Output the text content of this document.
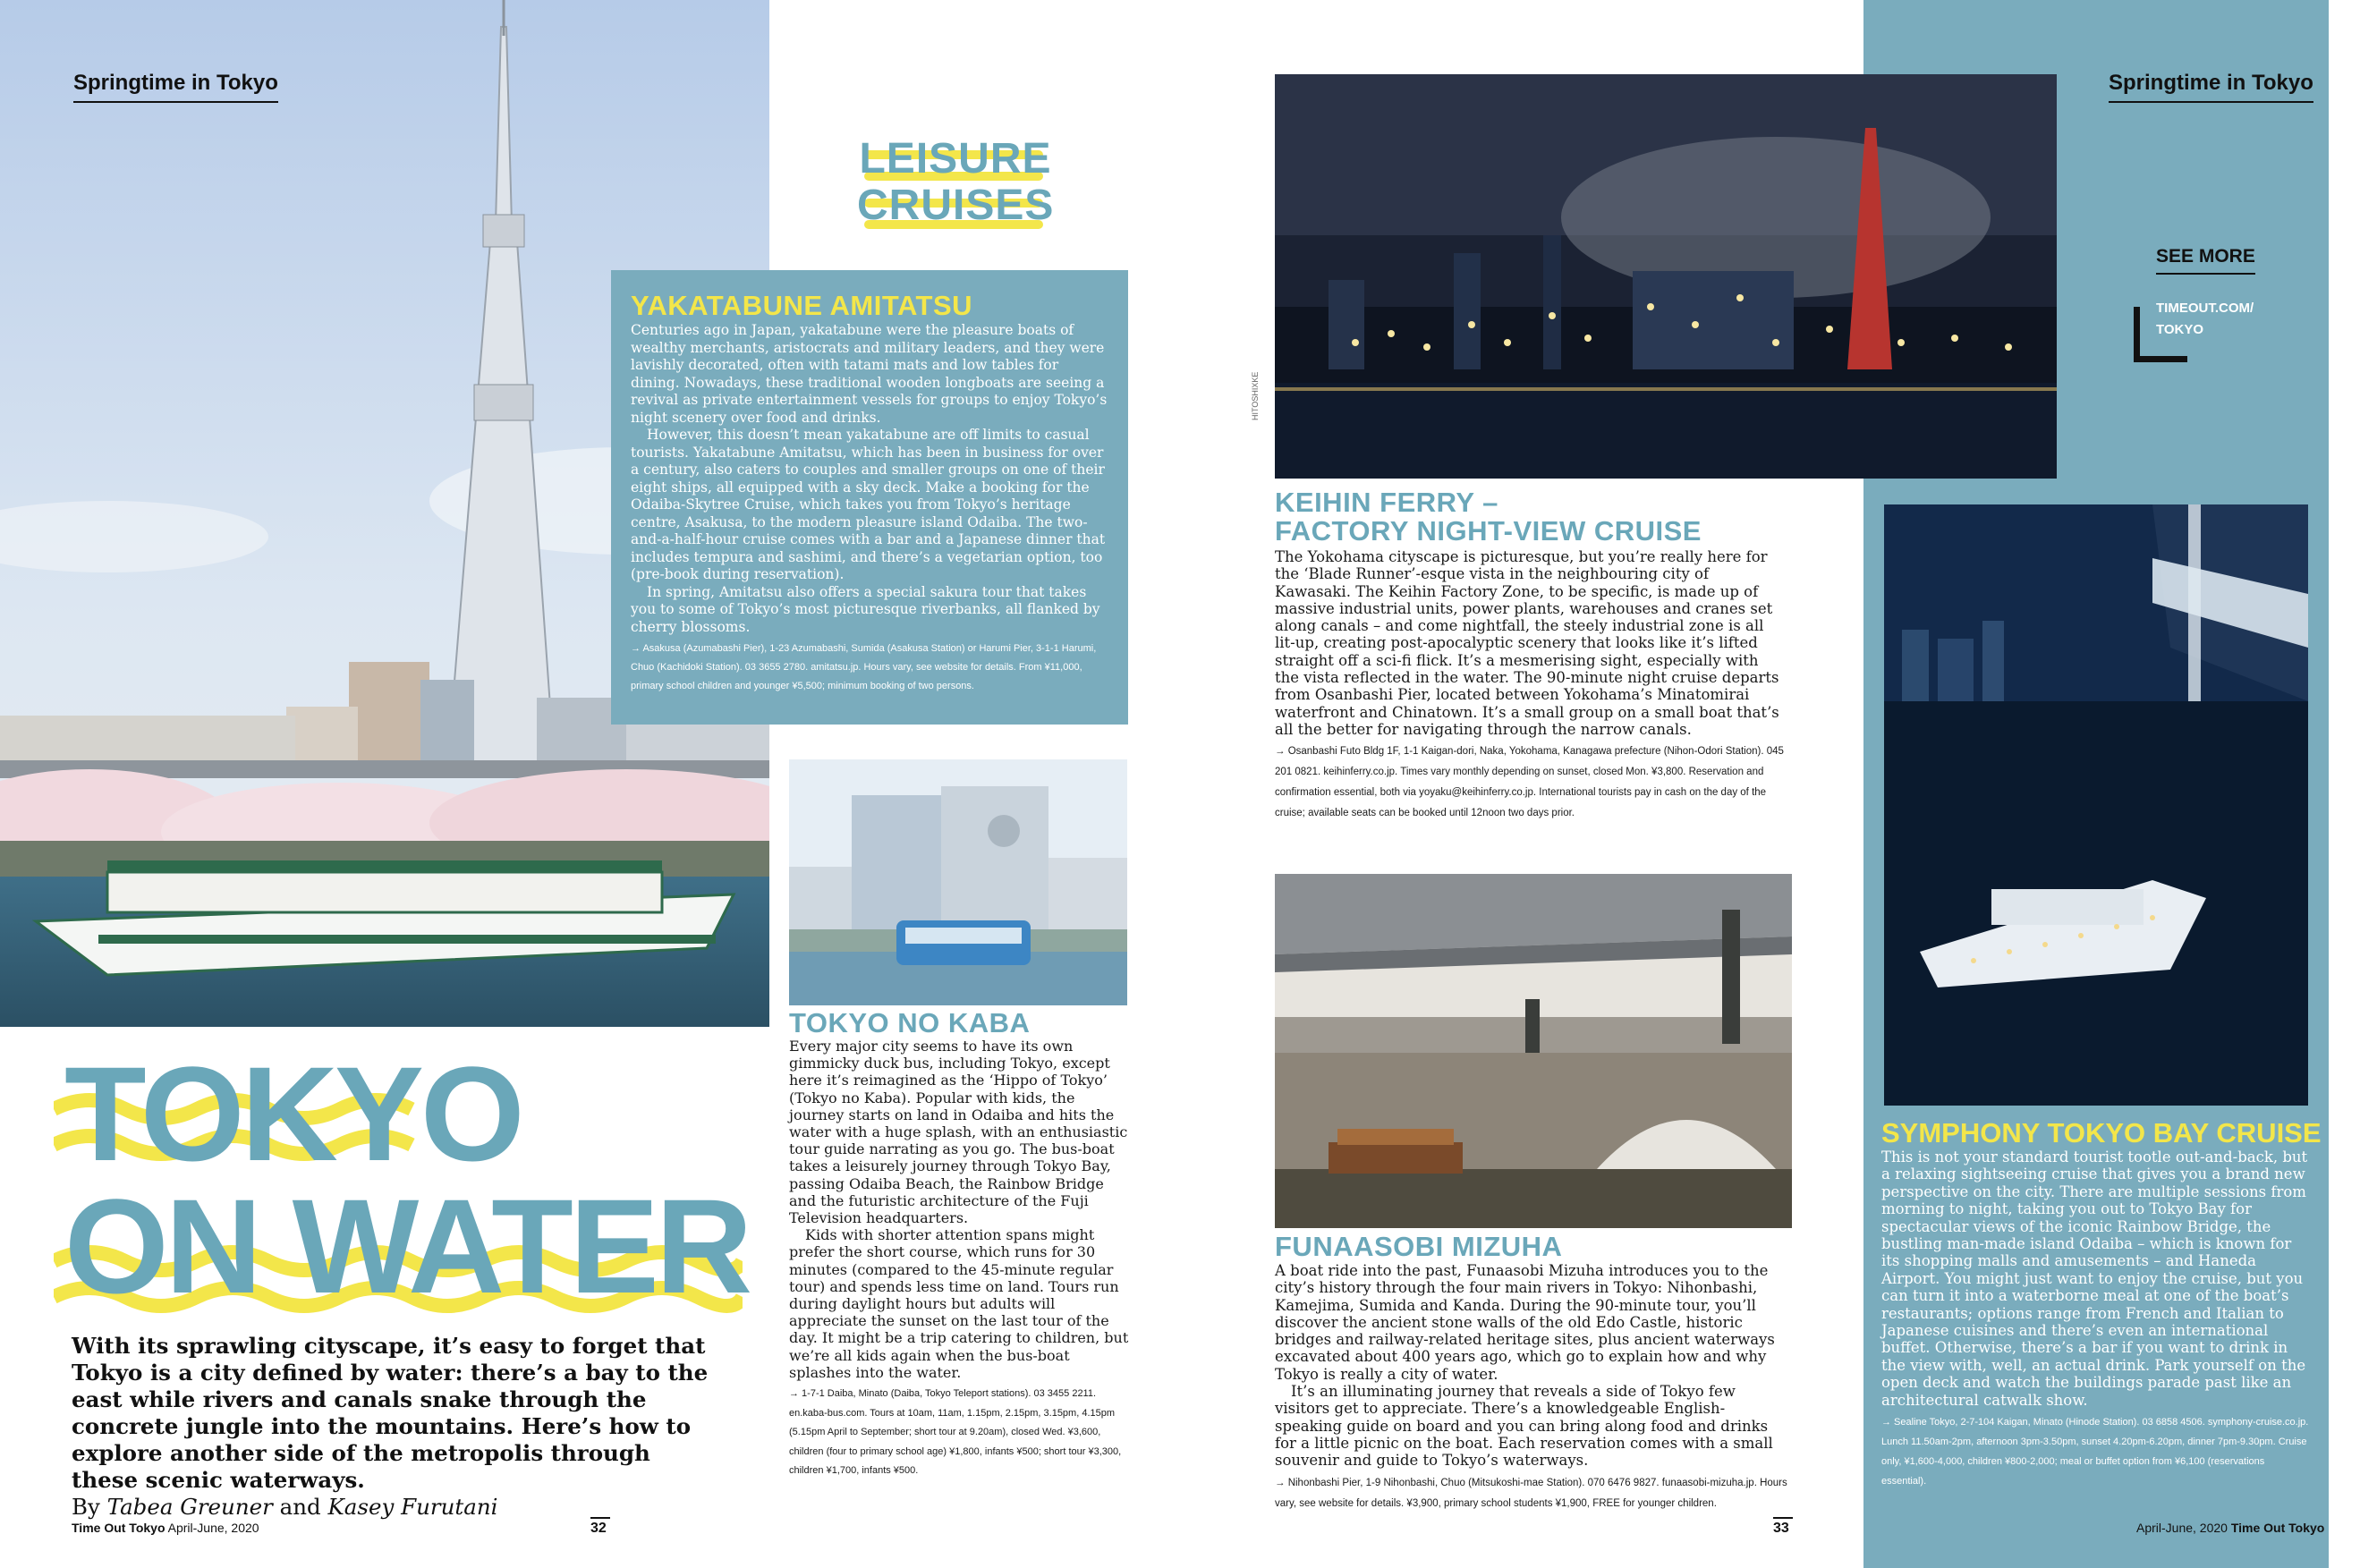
Springtime in Tokyo
LEISURE
CRUISES
YAKATABUNE AMITATSU

Centuries ago in Japan, yakatabune were the pleasure boats of wealthy merchants, aristocrats and military leaders, and they were lavishly decorated, often with tatami mats and low tables for dining. Nowadays, these traditional wooden longboats are seeing a revival as private entertainment vessels for groups to enjoy Tokyo’s night scenery over food and drinks.

However, this doesn’t mean yakatabune are off limits to casual tourists. Yakatabune Amitatsu, which has been in business for over a century, also caters to couples and smaller groups on one of their eight ships, all equipped with a sky deck. Make a booking for the Odaiba-Skytree Cruise, which takes you from Tokyo’s heritage centre, Asakusa, to the modern pleasure island Odaiba. The two-and-a-half-hour cruise comes with a bar and a Japanese dinner that includes tempura and sashimi, and there’s a vegetarian option, too (pre-book during reservation).

In spring, Amitatsu also offers a special sakura tour that takes you to some of Tokyo’s most picturesque riverbanks, all flanked by cherry blossoms.

→ Asakusa (Azumabashi Pier), 1-23 Azumabashi, Sumida (Asakusa Station) or Harumi Pier, 3-1-1 Harumi, Chuo (Kachidoki Station). 03 3655 2780. amitatsu.jp. Hours vary, see website for details. From ¥11,000, primary school children and younger ¥5,500; minimum booking of two persons.
TOKYO NO KABA

Every major city seems to have its own gimmicky duck bus, including Tokyo, except here it’s reimagined as the ‘Hippo of Tokyo’ (Tokyo no Kaba). Popular with kids, the journey starts on land in Odaiba and hits the water with a huge splash, with an enthusiastic tour guide narrating as you go. The bus-boat takes a leisurely journey through Tokyo Bay, passing Odaiba Beach, the Rainbow Bridge and the futuristic architecture of the Fuji Television headquarters.

Kids with shorter attention spans might prefer the short course, which runs for 30 minutes (compared to the 45-minute regular tour) and spends less time on land. Tours run during daylight hours but adults will appreciate the sunset on the last tour of the day. It might be a trip catering to children, but we’re all kids again when the bus-boat splashes into the water.

→ 1-7-1 Daiba, Minato (Daiba, Tokyo Teleport stations). 03 3455 2211. en.kaba-bus.com. Tours at 10am, 11am, 1.15pm, 2.15pm, 3.15pm, 4.15pm (5.15pm April to September; short tour at 9.20am), closed Wed. ¥3,600, children (four to primary school age) ¥1,800, infants ¥500; short tour ¥3,300, children ¥1,700, infants ¥500.
TOKYO
ON WATER
With its sprawling cityscape, it’s easy to forget that Tokyo is a city defined by water: there’s a bay to the east while rivers and canals snake through the concrete jungle into the mountains. Here’s how to explore another side of the metropolis through these scenic waterways.
By Tabea Greuner and Kasey Furutani
Time Out Tokyo April-June, 2020	32
HITOSHIXKE
Springtime in Tokyo
SEE MORE
TIMEOUT.COM/
TOKYO
KEIHIN FERRY –
FACTORY NIGHT-VIEW CRUISE

The Yokohama cityscape is picturesque, but you’re really here for the ‘Blade Runner’-esque vista in the neighbouring city of Kawasaki. The Keihin Factory Zone, to be specific, is made up of massive industrial units, power plants, warehouses and cranes set along canals – and come nightfall, the steely industrial zone is all lit-up, creating post-apocalyptic scenery that looks like it’s lifted straight off a sci-fi flick. It’s a mesmerising sight, especially with the vista reflected in the water. The 90-minute night cruise departs from Osanbashi Pier, located between Yokohama’s Minatomirai waterfront and Chinatown. It’s a small group on a small boat that’s all the better for navigating through the narrow canals.

→ Osanbashi Futo Bldg 1F, 1-1 Kaigan-dori, Naka, Yokohama, Kanagawa prefecture (Nihon-Odori Station). 045 201 0821. keihinferry.co.jp. Times vary monthly depending on sunset, closed Mon. ¥3,800. Reservation and confirmation essential, both via yoyaku@keihinferry.co.jp. International tourists pay in cash on the day of the cruise; available seats can be booked until 12noon two days prior.
FUNAASOBI MIZUHA

A boat ride into the past, Funaasobi Mizuha introduces you to the city’s history through the four main rivers in Tokyo: Nihonbashi, Kamejima, Sumida and Kanda. During the 90-minute tour, you’ll discover the ancient stone walls of the old Edo Castle, historic bridges and railway-related heritage sites, plus ancient waterways excavated about 400 years ago, which go to explain how and why Tokyo is really a city of water.

It’s an illuminating journey that reveals a side of Tokyo few visitors get to appreciate. There’s a knowledgeable English-speaking guide on board and you can bring along food and drinks for a little picnic on the boat. Each reservation comes with a small souvenir and guide to Tokyo’s waterways.

→ Nihonbashi Pier, 1-9 Nihonbashi, Chuo (Mitsukoshi-mae Station). 070 6476 9827. funaasobi-mizuha.jp. Hours vary, see website for details. ¥3,900, primary school students ¥1,900, FREE for younger children.
SYMPHONY TOKYO BAY CRUISE

This is not your standard tourist tootle out-and-back, but a relaxing sightseeing cruise that gives you a brand new perspective on the city. There are multiple sessions from morning to night, taking you out to Tokyo Bay for spectacular views of the iconic Rainbow Bridge, the bustling man-made island Odaiba – which is known for its shopping malls and amusements – and Haneda Airport. You might just want to enjoy the cruise, but you can turn it into a waterborne meal at one of the boat’s restaurants; options range from French and Italian to Japanese cuisines and there’s even an international buffet. Otherwise, there’s a bar if you want to drink in the view with, well, an actual drink. Park yourself on the open deck and watch the buildings parade past like an architectural catwalk show.

→ Sealine Tokyo, 2-7-104 Kaigan, Minato (Hinode Station). 03 6858 4506. symphony-cruise.co.jp. Lunch 11.50am-2pm, afternoon 3pm-3.50pm, sunset 4.20pm-6.20pm, dinner 7pm-9.30pm. Cruise only, ¥1,600-4,000, children ¥800-2,000; meal or buffet option from ¥6,100 (reservations essential).
33	April-June, 2020 Time Out Tokyo
